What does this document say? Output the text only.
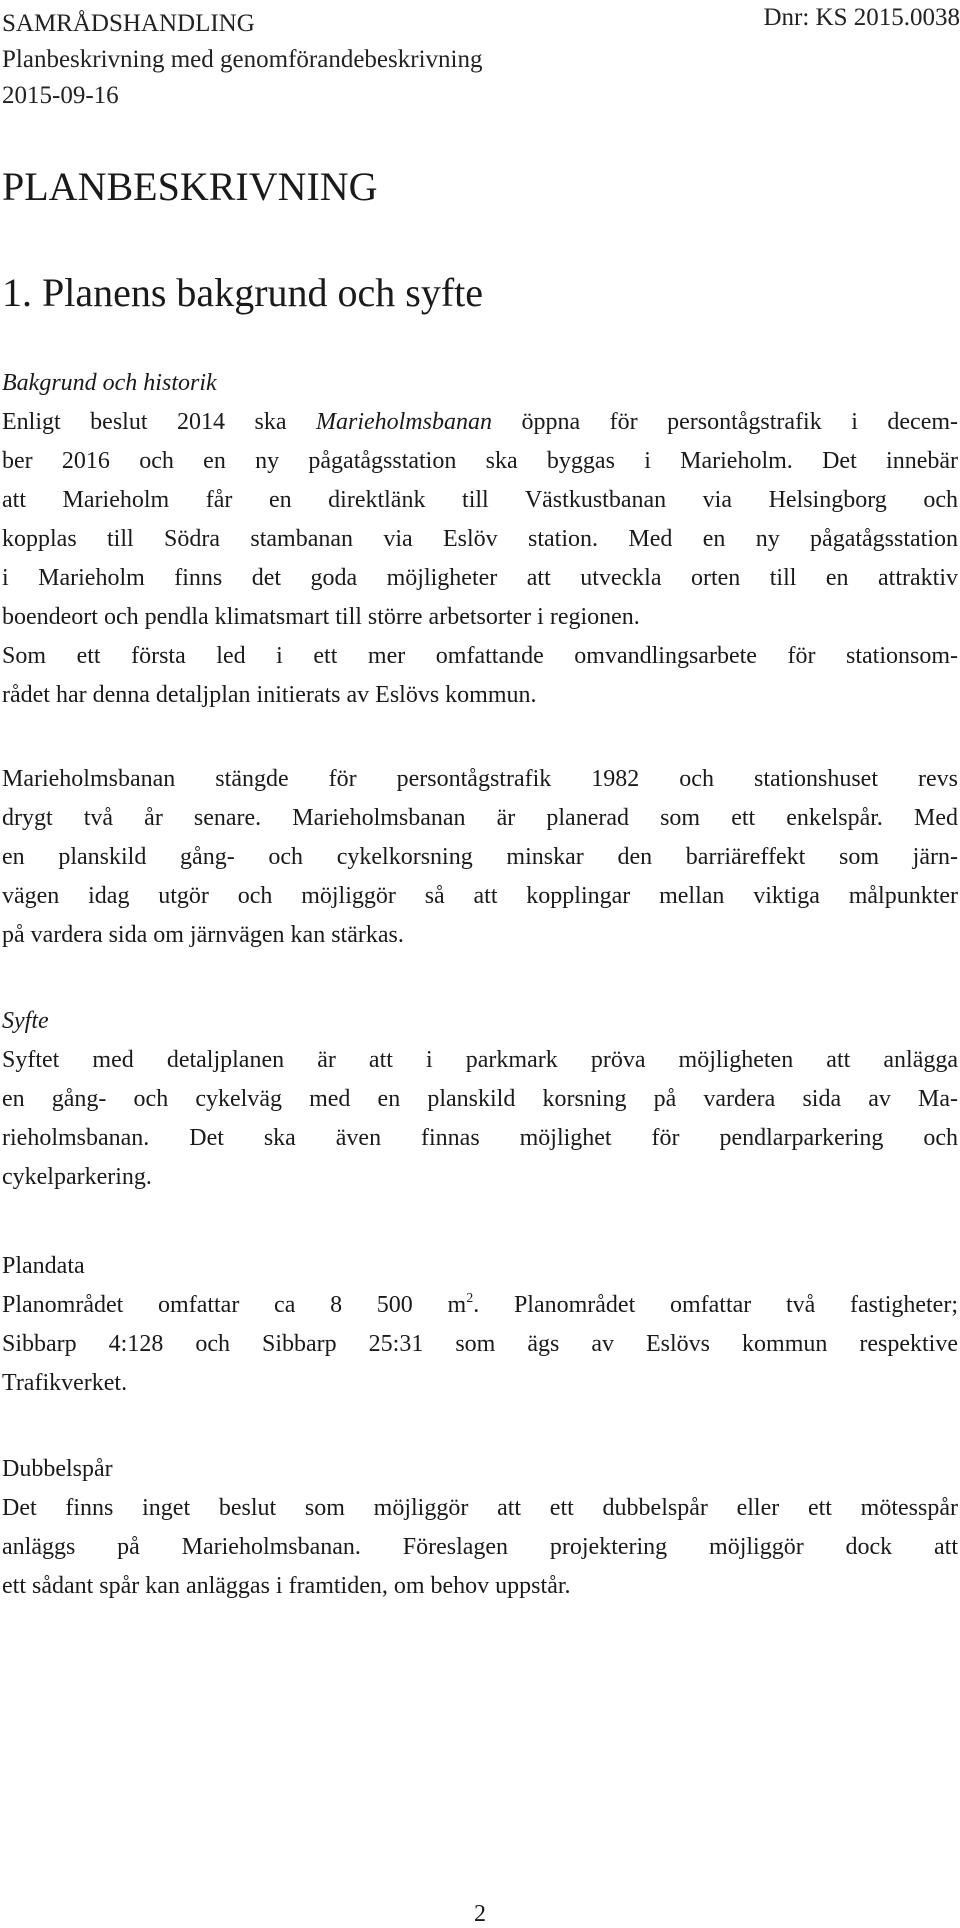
SAMRÅDSHANDLING
Planbeskrivning med genomförandebeskrivning
2015-09-16
Dnr: KS 2015.0038
PLANBESKRIVNING
1. Planens bakgrund och syfte
Bakgrund och historik
Enligt beslut 2014 ska Marieholmsbanan öppna för persontågstrafik i decem-
ber 2016 och en ny pågatågsstation ska byggas i Marieholm. Det innebär
att Marieholm får en direktlänk till Västkustbanan via Helsingborg och
kopplas till Södra stambanan via Eslöv station. Med en ny pågatågsstation
i Marieholm finns det goda möjligheter att utveckla orten till en attraktiv
boendeort och pendla klimatsmart till större arbetsorter i regionen.
Som ett första led i ett mer omfattande omvandlingsarbete för stationsom-
rådet har denna detaljplan initierats av Eslövs kommun.
Marieholmsbanan stängde för persontågstrafik 1982 och stationshuset revs
drygt två år senare. Marieholmsbanan är planerad som ett enkelspår. Med
en planskild gång- och cykelkorsning minskar den barriäreffekt som järn-
vägen idag utgör och möjliggör så att kopplingar mellan viktiga målpunkter
på vardera sida om järnvägen kan stärkas.
Syfte
Syftet med detaljplanen är att i parkmark pröva möjligheten att anlägga
en gång- och cykelväg med en planskild korsning på vardera sida av Ma-
rieholmsbanan. Det ska även finnas möjlighet för pendlarparkering och
cykelparkering.
Plandata
Planområdet omfattar ca 8 500 $m^2$. Planområdet omfattar två fastigheter;
Sibbarp 4:128 och Sibbarp 25:31 som ägs av Eslövs kommun respektive
Trafikverket.
Dubbelspår
Det finns inget beslut som möjliggör att ett dubbelspår eller ett mötesspår
anläggs på Marieholmsbanan. Föreslagen projektering möjliggör dock att
ett sådant spår kan anläggas i framtiden, om behov uppstår.
2
